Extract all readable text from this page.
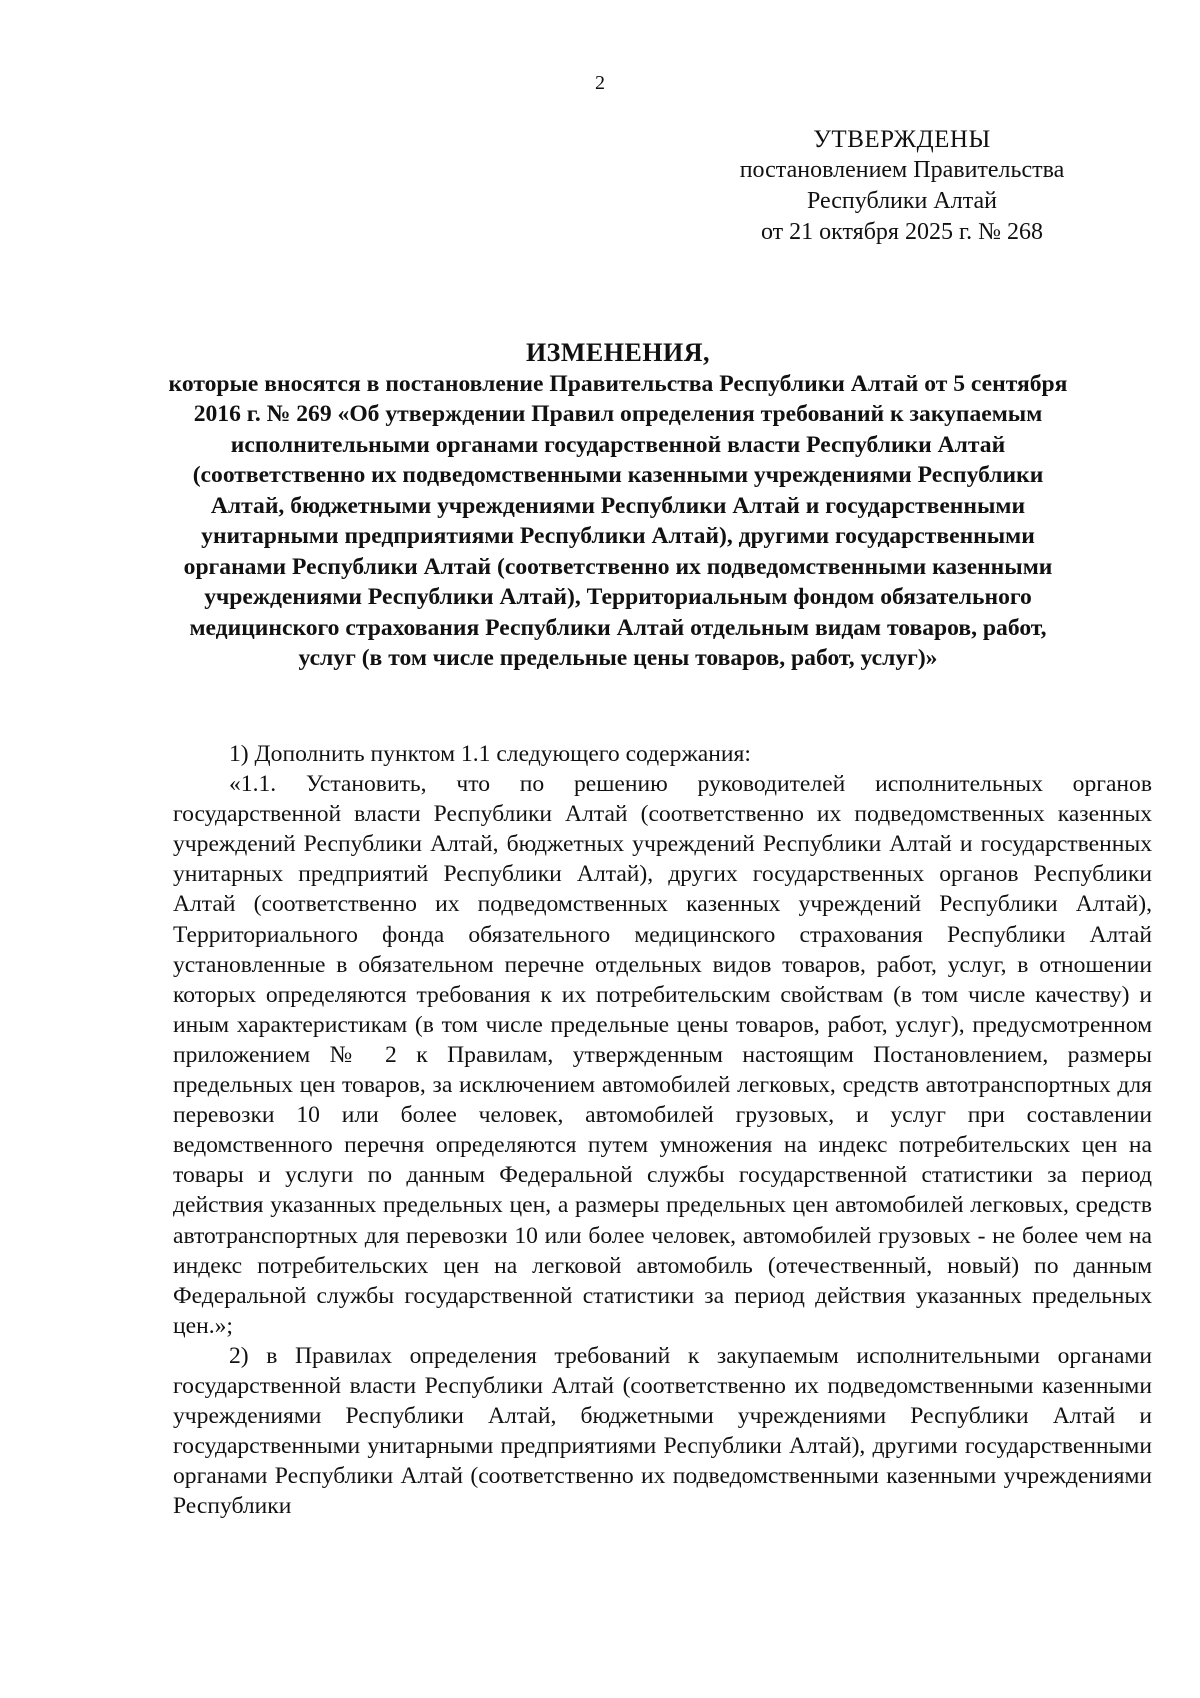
2
УТВЕРЖДЕНЫ
постановлением Правительства
Республики Алтай
от 21 октября 2025 г. № 268
ИЗМЕНЕНИЯ,
которые вносятся в постановление Правительства Республики Алтай от 5 сентября 2016 г. № 269 «Об утверждении Правил определения требований к закупаемым исполнительными органами государственной власти Республики Алтай (соответственно их подведомственными казенными учреждениями Республики Алтай, бюджетными учреждениями Республики Алтай и государственными унитарными предприятиями Республики Алтай), другими государственными органами Республики Алтай (соответственно их подведомственными казенными учреждениями Республики Алтай), Территориальным фондом обязательного медицинского страхования Республики Алтай отдельным видам товаров, работ, услуг (в том числе предельные цены товаров, работ, услуг)»

1) Дополнить пунктом 1.1 следующего содержания:

«1.1. Установить, что по решению руководителей исполнительных органов государственной власти Республики Алтай (соответственно их подведомственных казенных учреждений Республики Алтай, бюджетных учреждений Республики Алтай и государственных унитарных предприятий Республики Алтай), других государственных органов Республики Алтай (соответственно их подведомственных казенных учреждений Республики Алтай), Территориального фонда обязательного медицинского страхования Республики Алтай установленные в обязательном перечне отдельных видов товаров, работ, услуг, в отношении которых определяются требования к их потребительским свойствам (в том числе качеству) и иным характеристикам (в том числе предельные цены товаров, работ, услуг), предусмотренном приложением № 2 к Правилам, утвержденным настоящим Постановлением, размеры предельных цен товаров, за исключением автомобилей легковых, средств автотранспортных для перевозки 10 или более человек, автомобилей грузовых, и услуг при составлении ведомственного перечня определяются путем умножения на индекс потребительских цен на товары и услуги по данным Федеральной службы государственной статистики за период действия указанных предельных цен, а размеры предельных цен автомобилей легковых, средств автотранспортных для перевозки 10 или более человек, автомобилей грузовых - не более чем на индекс потребительских цен на легковой автомобиль (отечественный, новый) по данным Федеральной службы государственной статистики за период действия указанных предельных цен.»;

2) в Правилах определения требований к закупаемым исполнительными органами государственной власти Республики Алтай (соответственно их подведомственными казенными учреждениями Республики Алтай, бюджетными учреждениями Республики Алтай и государственными унитарными предприятиями Республики Алтай), другими государственными органами Республики Алтай (соответственно их подведомственными казенными учреждениями Республики
